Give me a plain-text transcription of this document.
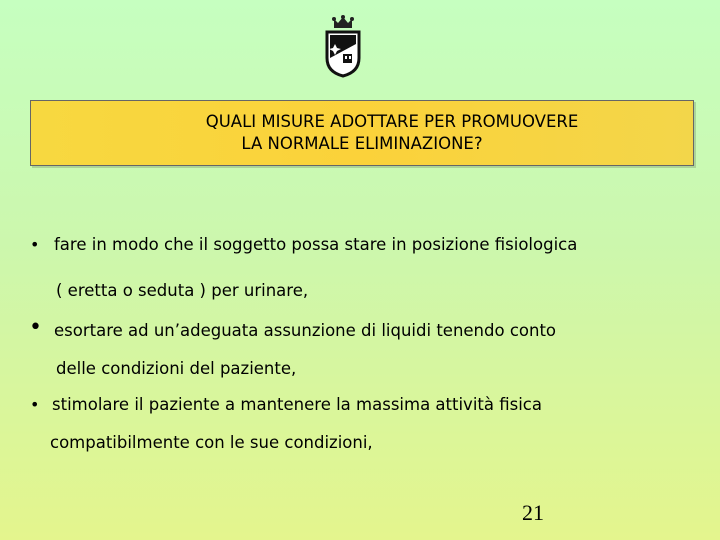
QUALI MISURE ADOTTARE PER PROMUOVERE
LA NORMALE ELIMINAZIONE?
• fare in modo che il soggetto possa stare in posizione fisiologica
( eretta o seduta ) per urinare,
• esortare ad un’adeguata assunzione di liquidi tenendo conto
delle condizioni del paziente,
• stimolare il paziente a mantenere la massima attività fisica
compatibilmente con le sue condizioni,
21
